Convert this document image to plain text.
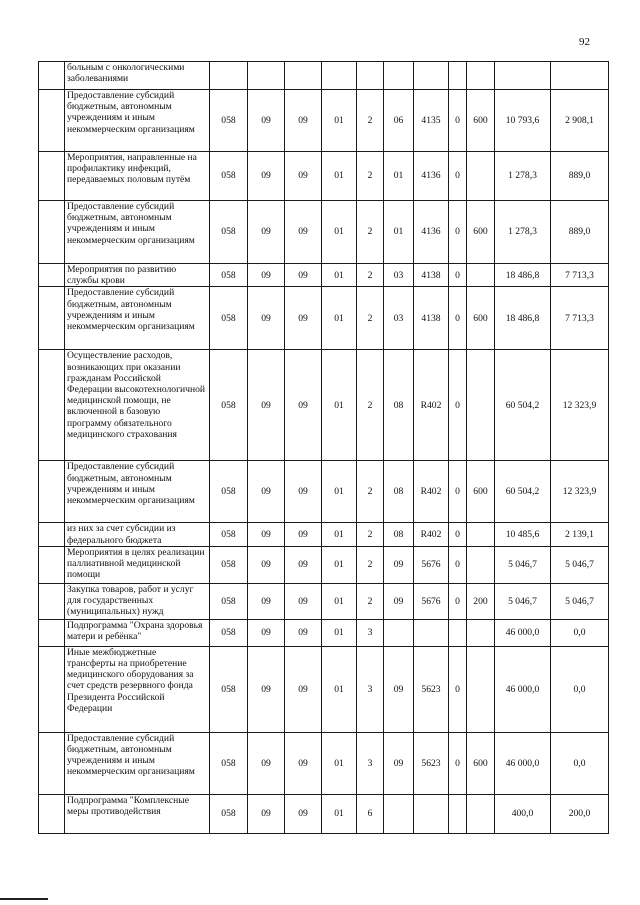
92
	больным с онкологическими заболеваниями											
	Предоставление субсидий бюджетным, автономным учреждениям и иным некоммерческим организациям	058	09	09	01	2	06	4135	0	600	10 793,6	2 908,1
	Мероприятия, направленные на профилактику инфекций, передаваемых половым путём	058	09	09	01	2	01	4136	0		1 278,3	889,0
	Предоставление субсидий бюджетным, автономным учреждениям и иным некоммерческим организациям	058	09	09	01	2	01	4136	0	600	1 278,3	889,0
	Мероприятия по развитию службы крови	058	09	09	01	2	03	4138	0		18 486,8	7 713,3
	Предоставление субсидий бюджетным, автономным учреждениям и иным некоммерческим организациям	058	09	09	01	2	03	4138	0	600	18 486,8	7 713,3
	Осуществление расходов, возникающих при оказании гражданам Российской Федерации высокотехнологичной медицинской помощи, не включенной в базовую программу обязательного медицинского страхования	058	09	09	01	2	08	R402	0		60 504,2	12 323,9
	Предоставление субсидий бюджетным, автономным учреждениям и иным некоммерческим организациям	058	09	09	01	2	08	R402	0	600	60 504,2	12 323,9
	из них за счет субсидии из федерального бюджета	058	09	09	01	2	08	R402	0		10 485,6	2 139,1
	Мероприятия в целях реализации паллиативной медицинской помощи	058	09	09	01	2	09	5676	0		5 046,7	5 046,7
	Закупка товаров, работ и услуг для государственных (муниципальных) нужд	058	09	09	01	2	09	5676	0	200	5 046,7	5 046,7
	Подпрограмма "Охрана здоровья матери и ребёнка"	058	09	09	01	3					46 000,0	0,0
	Иные межбюджетные трансферты на приобретение медицинского оборудования за счет средств резервного фонда Президента Российской Федерации	058	09	09	01	3	09	5623	0		46 000,0	0,0
	Предоставление субсидий бюджетным, автономным учреждениям и иным некоммерческим организациям	058	09	09	01	3	09	5623	0	600	46 000,0	0,0
	Подпрограмма "Комплексные меры противодействия	058	09	09	01	6					400,0	200,0
